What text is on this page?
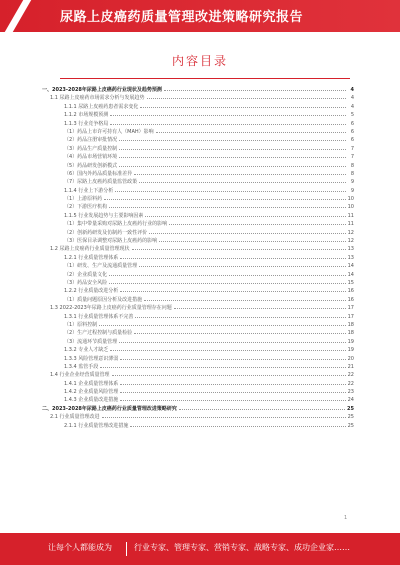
尿路上皮癌药质量管理改进策略研究报告
内容目录
一、2023-2028年尿路上皮癌药行业现状及趋势预测	4
1.1 尿路上皮癌药市场需求分析与发展趋势	4
1.1.1 尿路上皮癌药患者需求变化	4
1.1.2 市场规模预测	5
1.1.3 行业竞争格局	6
（1）药品上市许可持有人（MAH）影响	6
（2）药品注册审批情况	6
（3）药品生产质量控制	7
（4）药品市场营销环境	7
（5）药品研发创新模式	8
（6）国内外药品质量标准差异	8
（7）尿路上皮癌药质量监管政策	9
1.1.4 行业上下游分析	9
（1）上游原料药	10
（2）下游医疗机构	10
1.1.5 行业发展趋势与主要影响因素	11
（1）集中带量采购对尿路上皮癌药行业的影响	11
（2）创新药研发及仿制药一致性评价	12
（3）医保目录调整对尿路上皮癌药的影响	12
1.2 尿路上皮癌药行业质量管理现状	13
1.2.1 行业质量管理体系	13
（1）研发、生产及流通质量管理	14
（2）企业质量文化	14
（3）药品安全风险	15
1.2.2 行业质量改进分析	16
（1）质量问题原因分析及改进措施	16
1.3 2022-2023年尿路上皮癌药行业质量管理存在问题	17
1.3.1 行业质量管理体系不完善	17
（1）原料控制	18
（2）生产过程控制与质量检验	18
（3）流通环节质量管理	19
1.3.2 专业人才缺乏	19
1.3.3 风险管理意识薄弱	20
1.3.4 监管手段	21
1.4 行业企业经营质量管理	22
1.4.1 企业质量管理体系	22
1.4.2 企业质量风险管理	23
1.4.3 企业质量改进措施	24
二、2023-2028年尿路上皮癌药行业质量管理改进策略研究	25
2.1 行业质量管理改进	25
2.1.1 行业质量管理改进措施	25
1
让每个人都能成为	行业专家、管理专家、营销专家、战略专家、成功企业家……
